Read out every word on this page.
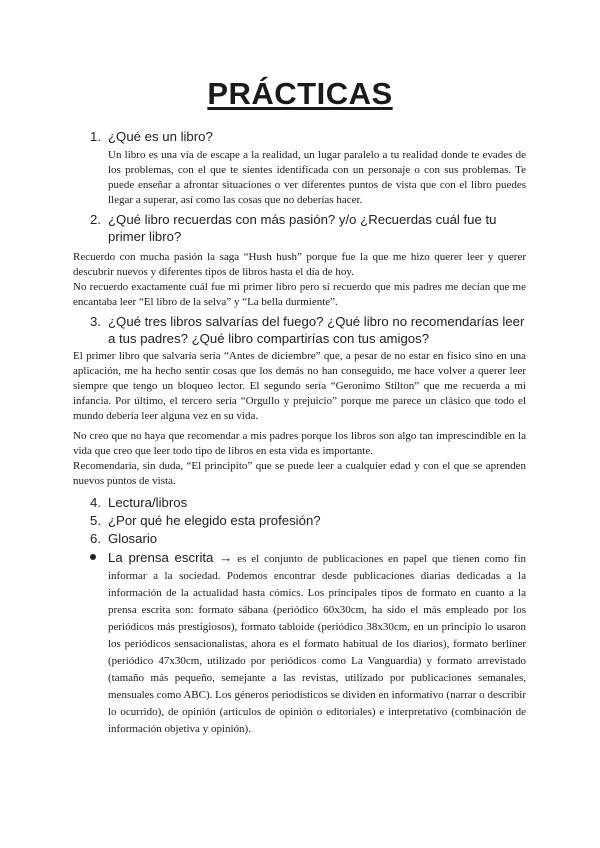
PRÁCTICAS
1. ¿Qué es un libro?
Un libro es una vía de escape a la realidad, un lugar paralelo a tu realidad donde te evades de los problemas, con el que te sientes identificada con un personaje o con sus problemas. Te puede enseñar a afrontar situaciones o ver diferentes puntos de vista que con el libro puedes llegar a superar, así como las cosas que no deberías hacer.
2. ¿Qué libro recuerdas con más pasión? y/o ¿Recuerdas cuál fue tu primer libro?
Recuerdo con mucha pasión la saga “Hush hush” porque fue la que me hizo querer leer y querer descubrir nuevos y diferentes tipos de libros hasta el día de hoy.
No recuerdo exactamente cuál fue mi primer libro pero sí recuerdo que mis padres me decían que me encantaba leer “El libro de la selva” y “La bella durmiente”.
3. ¿Qué tres libros salvarías del fuego? ¿Qué libro no recomendarías leer a tus padres? ¿Qué libro compartirías con tus amigos?
El primer libro que salvaría sería “Antes de diciembre” que, a pesar de no estar en físico sino en una aplicación, me ha hecho sentir cosas que los demás no han conseguido, me hace volver a querer leer siempre que tengo un bloqueo lector. El segundo sería “Geronimo Stilton” que me recuerda a mi infancia. Por último, el tercero sería “Orgullo y prejuicio” porque me parece un clásico que todo el mundo debería leer alguna vez en su vida.
No creo que no haya que recomendar a mis padres porque los libros son algo tan imprescindible en la vida que creo que leer todo tipo de libros en esta vida es importante.
Recomendaría, sin duda, “El principito” que se puede leer a cualquier edad y con el que se aprenden nuevos puntos de vista.
4. Lectura/libros
5. ¿Por qué he elegido esta profesión?
6. Glosario
La prensa escrita → es el conjunto de publicaciones en papel que tienen como fin informar a la sociedad. Podemos encontrar desde publicaciones diarias dedicadas a la información de la actualidad hasta cómics. Los principales tipos de formato en cuanto a la prensa escrita son: formato sábana (periódico 60x30cm, ha sido el más empleado por los periódicos más prestigiosos), formato tabloide (periódico 38x30cm, en un principio lo usaron los periódicos sensacionalistas, ahora es el formato habitual de los diarios), formato berlíner (periódico 47x30cm, utilizado por periódicos como La Vanguardia) y formato arrevistado (tamaño más pequeño, semejante a las revistas, utilizado por publicaciones semanales, mensuales como ABC). Los géneros periodísticos se dividen en informativo (narrar o describir lo ocurrido), de opinión (artículos de opinión o editoriales) e interpretativo (combinación de información objetiva y opinión).
